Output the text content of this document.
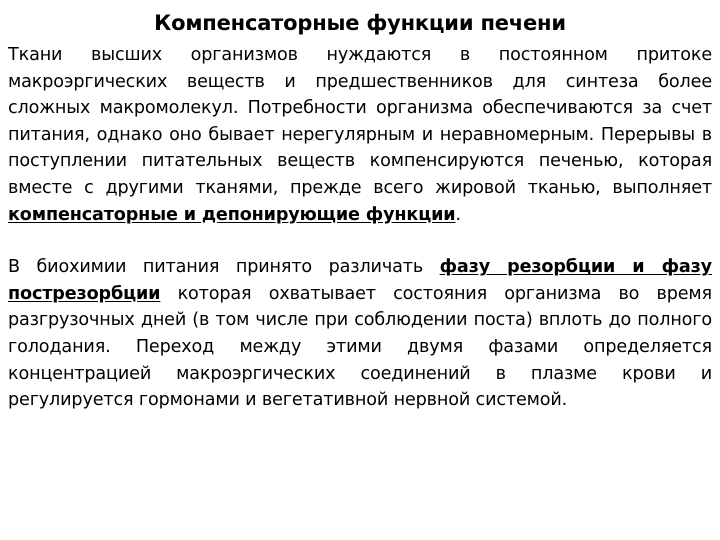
Компенсаторные функции печени

Ткани высших организмов нуждаются в постоянном притоке макроэргических веществ и предшественников для синтеза более сложных макромолекул. Потребности организма обеспечиваются за счет питания, однако оно бывает нерегулярным и неравномерным. Перерывы в поступлении питательных веществ компенсируются печенью, которая вместе с другими тканями, прежде всего жировой тканью, выполняет компенсаторные и депонирующие функции.

В биохимии питания принято различать фазу резорбции и фазу пострезорбции которая охватывает состояния организма во время разгрузочных дней (в том числе при соблюдении поста) вплоть до полного голодания. Переход между этими двумя фазами определяется концентрацией макроэргических соединений в плазме крови и регулируется гормонами и вегетативной нервной системой.
